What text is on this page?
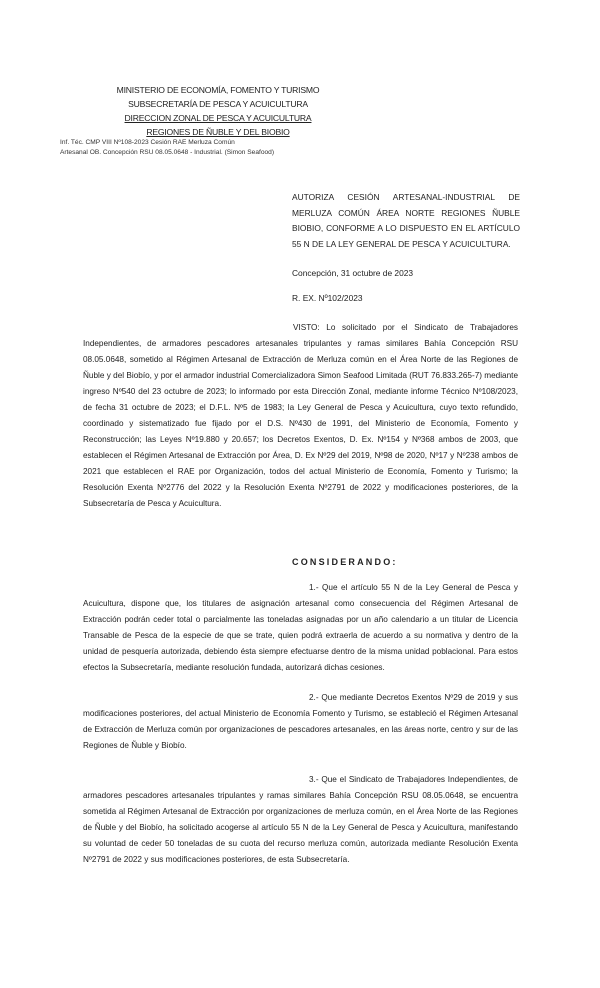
MINISTERIO DE ECONOMÍA, FOMENTO Y TURISMO
SUBSECRETARÍA DE PESCA Y ACUICULTURA
DIRECCION ZONAL DE PESCA Y ACUICULTURA
REGIONES DE ÑUBLE Y DEL BIOBIO
Inf. Téc. CMP VIII Nº108-2023 Cesión RAE Merluza Común
Artesanal OB. Concepción RSU 08.05.0648 - Industrial. (Simon Seafood)
AUTORIZA CESIÓN ARTESANAL-INDUSTRIAL DE MERLUZA COMÚN ÁREA NORTE REGIONES ÑUBLE BIOBIO, CONFORME A LO DISPUESTO EN EL ARTÍCULO 55 N DE LA LEY GENERAL DE PESCA Y ACUICULTURA.
Concepción, 31 octubre de 2023
R. EX. Nº102/2023
VISTO: Lo solicitado por el Sindicato de Trabajadores Independientes, de armadores pescadores artesanales tripulantes y ramas similares Bahía Concepción RSU 08.05.0648, sometido al Régimen Artesanal de Extracción de Merluza común en el Área Norte de las Regiones de Ñuble y del Biobío, y por el armador industrial Comercializadora Simon Seafood Limitada (RUT 76.833.265-7) mediante ingreso Nº540 del 23 octubre de 2023; lo informado por esta Dirección Zonal, mediante informe Técnico Nº108/2023, de fecha 31 octubre de 2023; el D.F.L. Nº5 de 1983; la Ley General de Pesca y Acuicultura, cuyo texto refundido, coordinado y sistematizado fue fijado por el D.S. Nº430 de 1991, del Ministerio de Economía, Fomento y Reconstrucción; las Leyes Nº19.880 y 20.657; los Decretos Exentos, D. Ex. Nº154 y Nº368 ambos de 2003, que establecen el Régimen Artesanal de Extracción por Área, D. Ex Nº29 del 2019, Nº98 de 2020, Nº17 y Nº238 ambos de 2021 que establecen el RAE por Organización, todos del actual Ministerio de Economía, Fomento y Turismo; la Resolución Exenta Nº2776 del 2022 y la Resolución Exenta Nº2791 de 2022 y modificaciones posteriores, de la Subsecretaría de Pesca y Acuicultura.
CONSIDERANDO:
1.- Que el artículo 55 N de la Ley General de Pesca y Acuicultura, dispone que, los titulares de asignación artesanal como consecuencia del Régimen Artesanal de Extracción podrán ceder total o parcialmente las toneladas asignadas por un año calendario a un titular de Licencia Transable de Pesca de la especie de que se trate, quien podrá extraerla de acuerdo a su normativa y dentro de la unidad de pesquería autorizada, debiendo ésta siempre efectuarse dentro de la misma unidad poblacional. Para estos efectos la Subsecretaría, mediante resolución fundada, autorizará dichas cesiones.
2.- Que mediante Decretos Exentos Nº29 de 2019 y sus modificaciones posteriores, del actual Ministerio de Economía Fomento y Turismo, se estableció el Régimen Artesanal de Extracción de Merluza común por organizaciones de pescadores artesanales, en las áreas norte, centro y sur de las Regiones de Ñuble y Biobío.
3.- Que el Sindicato de Trabajadores Independientes, de armadores pescadores artesanales tripulantes y ramas similares Bahía Concepción RSU 08.05.0648, se encuentra sometida al Régimen Artesanal de Extracción por organizaciones de merluza común, en el Área Norte de las Regiones de Ñuble y del Biobío, ha solicitado acogerse al artículo 55 N de la Ley General de Pesca y Acuicultura, manifestando su voluntad de ceder 50 toneladas de su cuota del recurso merluza común, autorizada mediante Resolución Exenta Nº2791 de 2022 y sus modificaciones posteriores, de esta Subsecretaría.
